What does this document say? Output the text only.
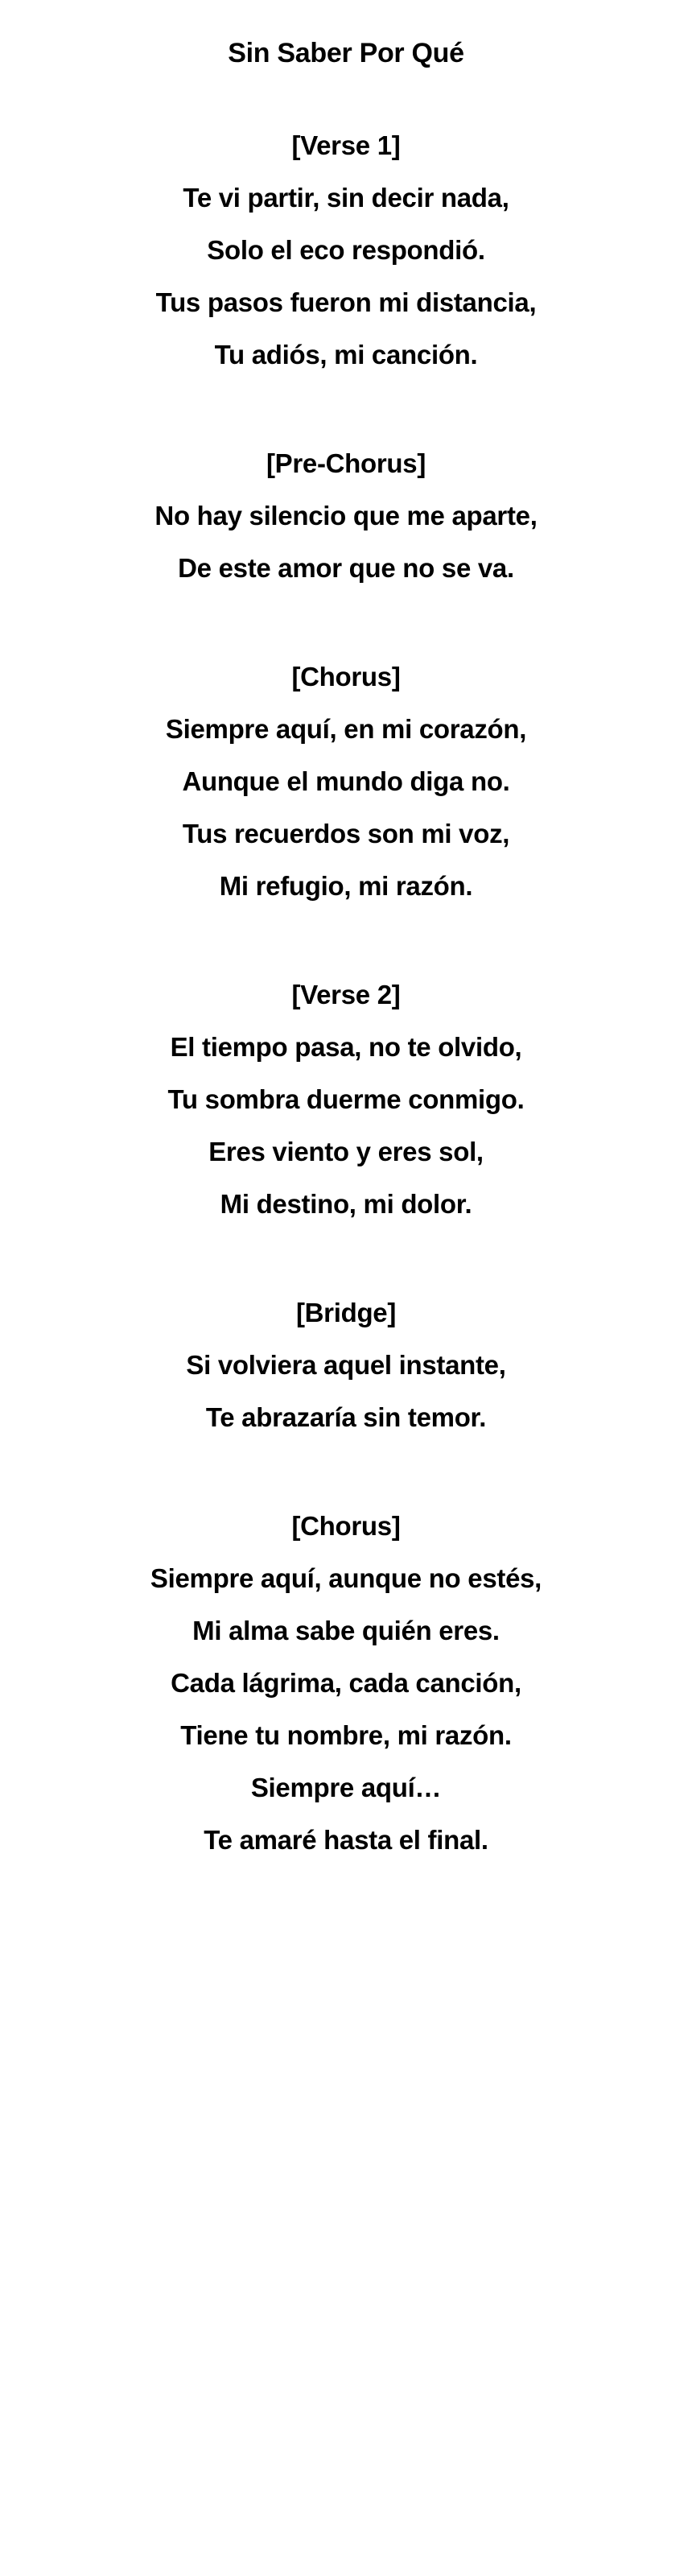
Sin Saber Por Qué
[Verse 1]
Te vi partir, sin decir nada,
Solo el eco respondió.
Tus pasos fueron mi distancia,
Tu adiós, mi canción.
[Pre-Chorus]
No hay silencio que me aparte,
De este amor que no se va.
[Chorus]
Siempre aquí, en mi corazón,
Aunque el mundo diga no.
Tus recuerdos son mi voz,
Mi refugio, mi razón.
[Verse 2]
El tiempo pasa, no te olvido,
Tu sombra duerme conmigo.
Eres viento y eres sol,
Mi destino, mi dolor.
[Bridge]
Si volviera aquel instante,
Te abrazaría sin temor.
[Chorus]
Siempre aquí, aunque no estés,
Mi alma sabe quién eres.
Cada lágrima, cada canción,
Tiene tu nombre, mi razón.
Siempre aquí…
Te amaré hasta el final.
